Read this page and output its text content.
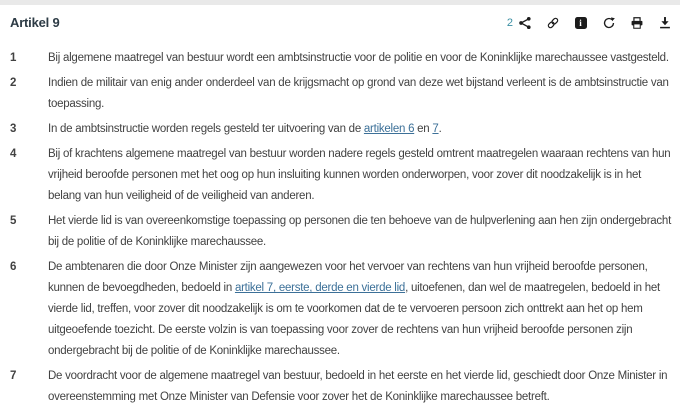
Artikel 9	2	i
1	Bij algemene maatregel van bestuur wordt een ambtsinstructie voor de politie en voor de Koninklijke marechaussee vastgesteld.
2	Indien de militair van enig ander onderdeel van de krijgsmacht op grond van deze wet bijstand verleent is de ambtsinstructie van toepassing.
3	In de ambtsinstructie worden regels gesteld ter uitvoering van de artikelen 6 en 7.
4	Bij of krachtens algemene maatregel van bestuur worden nadere regels gesteld omtrent maatregelen waaraan rechtens van hun vrijheid beroofde personen met het oog op hun insluiting kunnen worden onderworpen, voor zover dit noodzakelijk is in het belang van hun veiligheid of de veiligheid van anderen.
5	Het vierde lid is van overeenkomstige toepassing op personen die ten behoeve van de hulpverlening aan hen zijn ondergebracht bij de politie of de Koninklijke marechaussee.
6	De ambtenaren die door Onze Minister zijn aangewezen voor het vervoer van rechtens van hun vrijheid beroofde personen, kunnen de bevoegdheden, bedoeld in artikel 7, eerste, derde en vierde lid, uitoefenen, dan wel de maatregelen, bedoeld in het vierde lid, treffen, voor zover dit noodzakelijk is om te voorkomen dat de te vervoeren persoon zich onttrekt aan het op hem uitgeoefende toezicht. De eerste volzin is van toepassing voor zover de rechtens van hun vrijheid beroofde personen zijn ondergebracht bij de politie of de Koninklijke marechaussee.
7	De voordracht voor de algemene maatregel van bestuur, bedoeld in het eerste en het vierde lid, geschiedt door Onze Minister in overeenstemming met Onze Minister van Defensie voor zover het de Koninklijke marechaussee betreft.
